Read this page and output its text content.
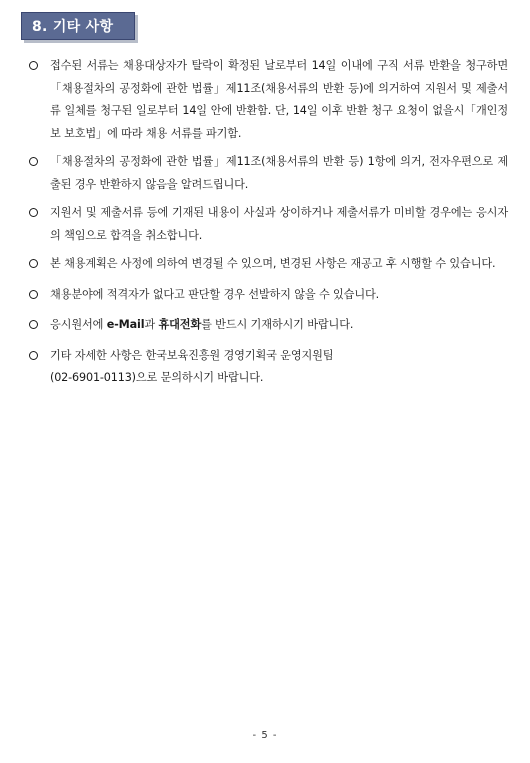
8. 기타 사항
접수된 서류는 채용대상자가 탈락이 확정된 날로부터 14일 이내에 구직 서류 반환을 청구하면「채용절차의 공정화에 관한 법률」제11조(채용서류의 반환 등)에 의거하여 지원서 및 제출서류 일체를 청구된 일로부터 14일 안에 반환함. 단, 14일 이후 반환 청구 요청이 없을시「개인정보 보호법」에 따라 채용 서류를 파기함.
「채용절차의 공정화에 관한 법률」제11조(채용서류의 반환 등) 1항에 의거, 전자우편으로 제출된 경우 반환하지 않음을 알려드립니다.
지원서 및 제출서류 등에 기재된 내용이 사실과 상이하거나 제출서류가 미비할 경우에는 응시자의 책임으로 합격을 취소합니다.
본 채용계획은 사정에 의하여 변경될 수 있으며, 변경된 사항은 재공고 후 시행할 수 있습니다.
채용분야에 적격자가 없다고 판단할 경우 선발하지 않을 수 있습니다.
응시원서에 e-Mail과 휴대전화를 반드시 기재하시기 바랍니다.
기타 자세한 사항은 한국보육진흥원 경영기획국 운영지원팀
(02-6901-0113)으로 문의하시기 바랍니다.
- 5 -
